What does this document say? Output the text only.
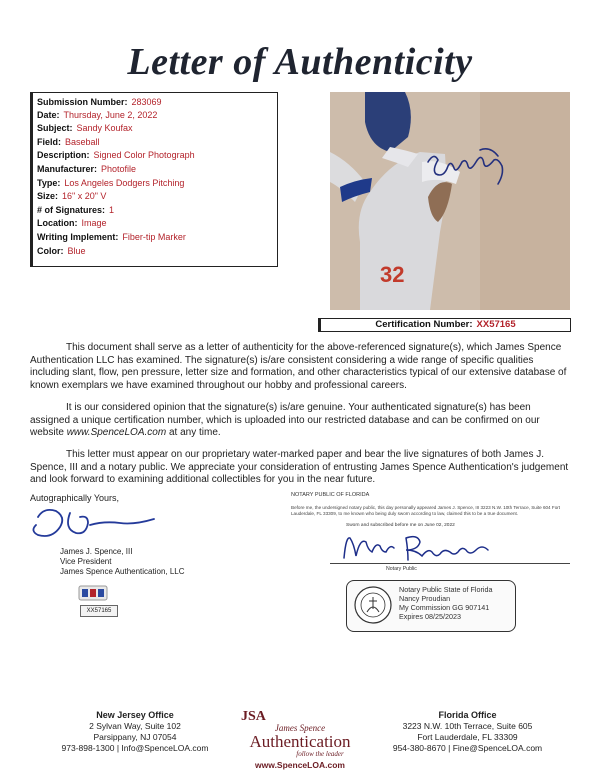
Letter of Authenticity
Submission Number: 283069
Date: Thursday, June 2, 2022
Subject: Sandy Koufax
Field: Baseball
Description: Signed Color Photograph
Manufacturer: Photofile
Type: Los Angeles Dodgers Pitching
Size: 16" x 20" V
# of Signatures: 1
Location: Image
Writing Implement: Fiber-tip Marker
Color: Blue
32
Certification Number: XX57165
This document shall serve as a letter of authenticity for the above-referenced signature(s), which James Spence Authentication LLC has examined. The signature(s) is/are consistent considering a wide range of specific qualities including slant, flow, pen pressure, letter size and formation, and other characteristics typical of our extensive database of known exemplars we have examined throughout our hobby and professional careers.
It is our considered opinion that the signature(s) is/are genuine. Your authenticated signature(s) has been assigned a unique certification number, which is uploaded into our restricted database and can be confirmed on our website www.SpenceLOA.com at any time.
This letter must appear on our proprietary water-marked paper and bear the live signatures of both James J. Spence, III and a notary public. We appreciate your consideration of entrusting James Spence Authentication's judgement and look forward to examining additional collectibles for you in the near future.
Autographically Yours,
James J. Spence, III
Vice President
James Spence Authentication, LLC
XX57165
NOTARY PUBLIC OF FLORIDA
Before me, the undersigned notary public, this day personally appeared James J. Spence, III 3223 N.W. 10th Terrace, Suite 604 Fort Lauderdale, FL 33309, to me known who being duly sworn according to law, claimed this to be a true document.
Sworn and subscribed before me on June 02, 2022
Notary Public
Notary Public State of Florida
Nancy Proudian
My Commission GG 907141
Expires 08/25/2023
New Jersey Office
2 Sylvan Way, Suite 102
Parsippany, NJ 07054
973-898-1300 | Info@SpenceLOA.com
JSA
James Spence
Authentication
follow the leader
www.SpenceLOA.com
Florida Office
3223 N.W. 10th Terrace, Suite 605
Fort Lauderdale, FL 33309
954-380-8670 | Fine@SpenceLOA.com
